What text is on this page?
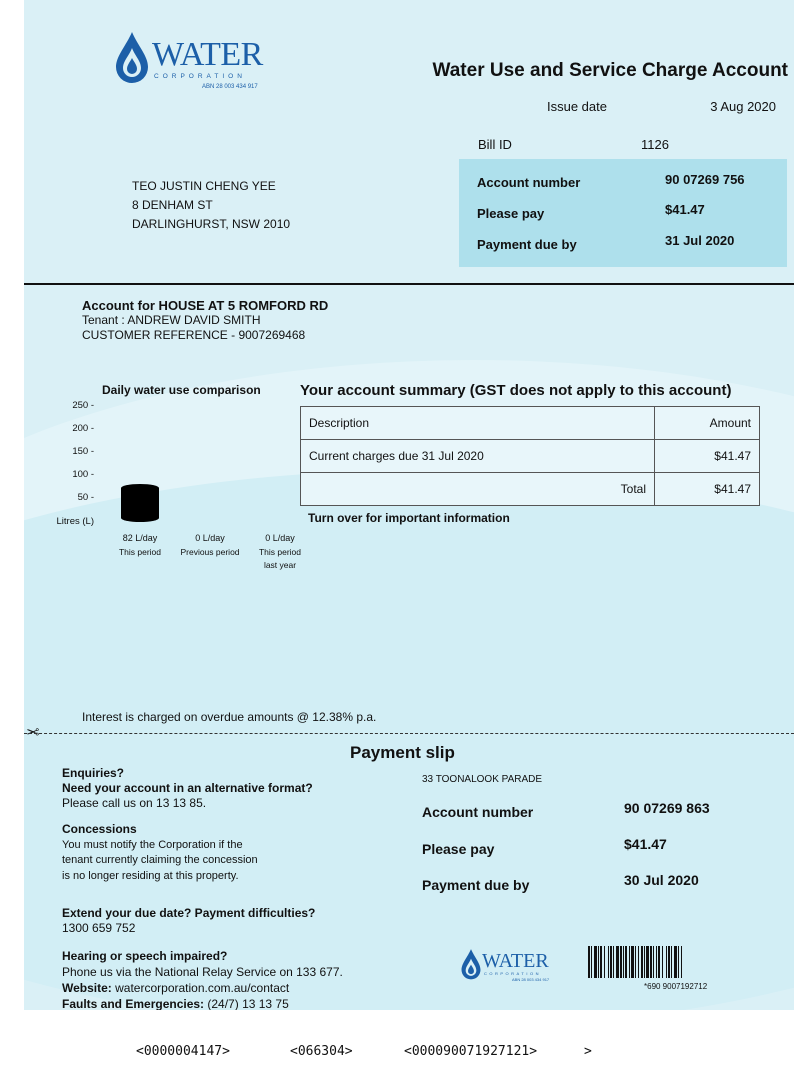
WATER
CORPORATION
ABN 28 003 434 917
Water Use and Service Charge Account
Issue date	3 Aug 2020
Bill ID	1126
TEO JUSTIN CHENG YEE
8 DENHAM ST
DARLINGHURST, NSW 2010
Account number	90 07269 756
Please pay	$41.47
Payment due by	31 Jul 2020
Account for HOUSE AT 5 ROMFORD RD
Tenant : ANDREW DAVID SMITH
CUSTOMER REFERENCE - 9007269468
Daily water use comparison
250 -
200 -
150 -
100 -
50 -
Litres (L)
82 L/day
This period
0 L/day
Previous period
0 L/day
This period
last year
Your account summary (GST does not apply to this account)
Description	Amount
Current charges due 31 Jul 2020	$41.47
Total	$41.47
Turn over for important information
Interest is charged on overdue amounts @ 12.38% p.a.
✂
Payment slip
Enquiries?
Need your account in an alternative format?
Please call us on 13 13 85.
Concessions
You must notify the Corporation if the
tenant currently claiming the concession
is no longer residing at this property.
Extend your due date? Payment difficulties?
1300 659 752
Hearing or speech impaired?
Phone us via the National Relay Service on 133 677.
Website: watercorporation.com.au/contact
Faults and Emergencies: (24/7) 13 13 75
33 TOONALOOK PARADE
Account number	90 07269 863
Please pay	$41.47
Payment due by	30 Jul 2020
WATER
CORPORATION
ABN 28 003 434 917
*690 9007192712
<0000004147>	<066304>	<000090071927121>	>
